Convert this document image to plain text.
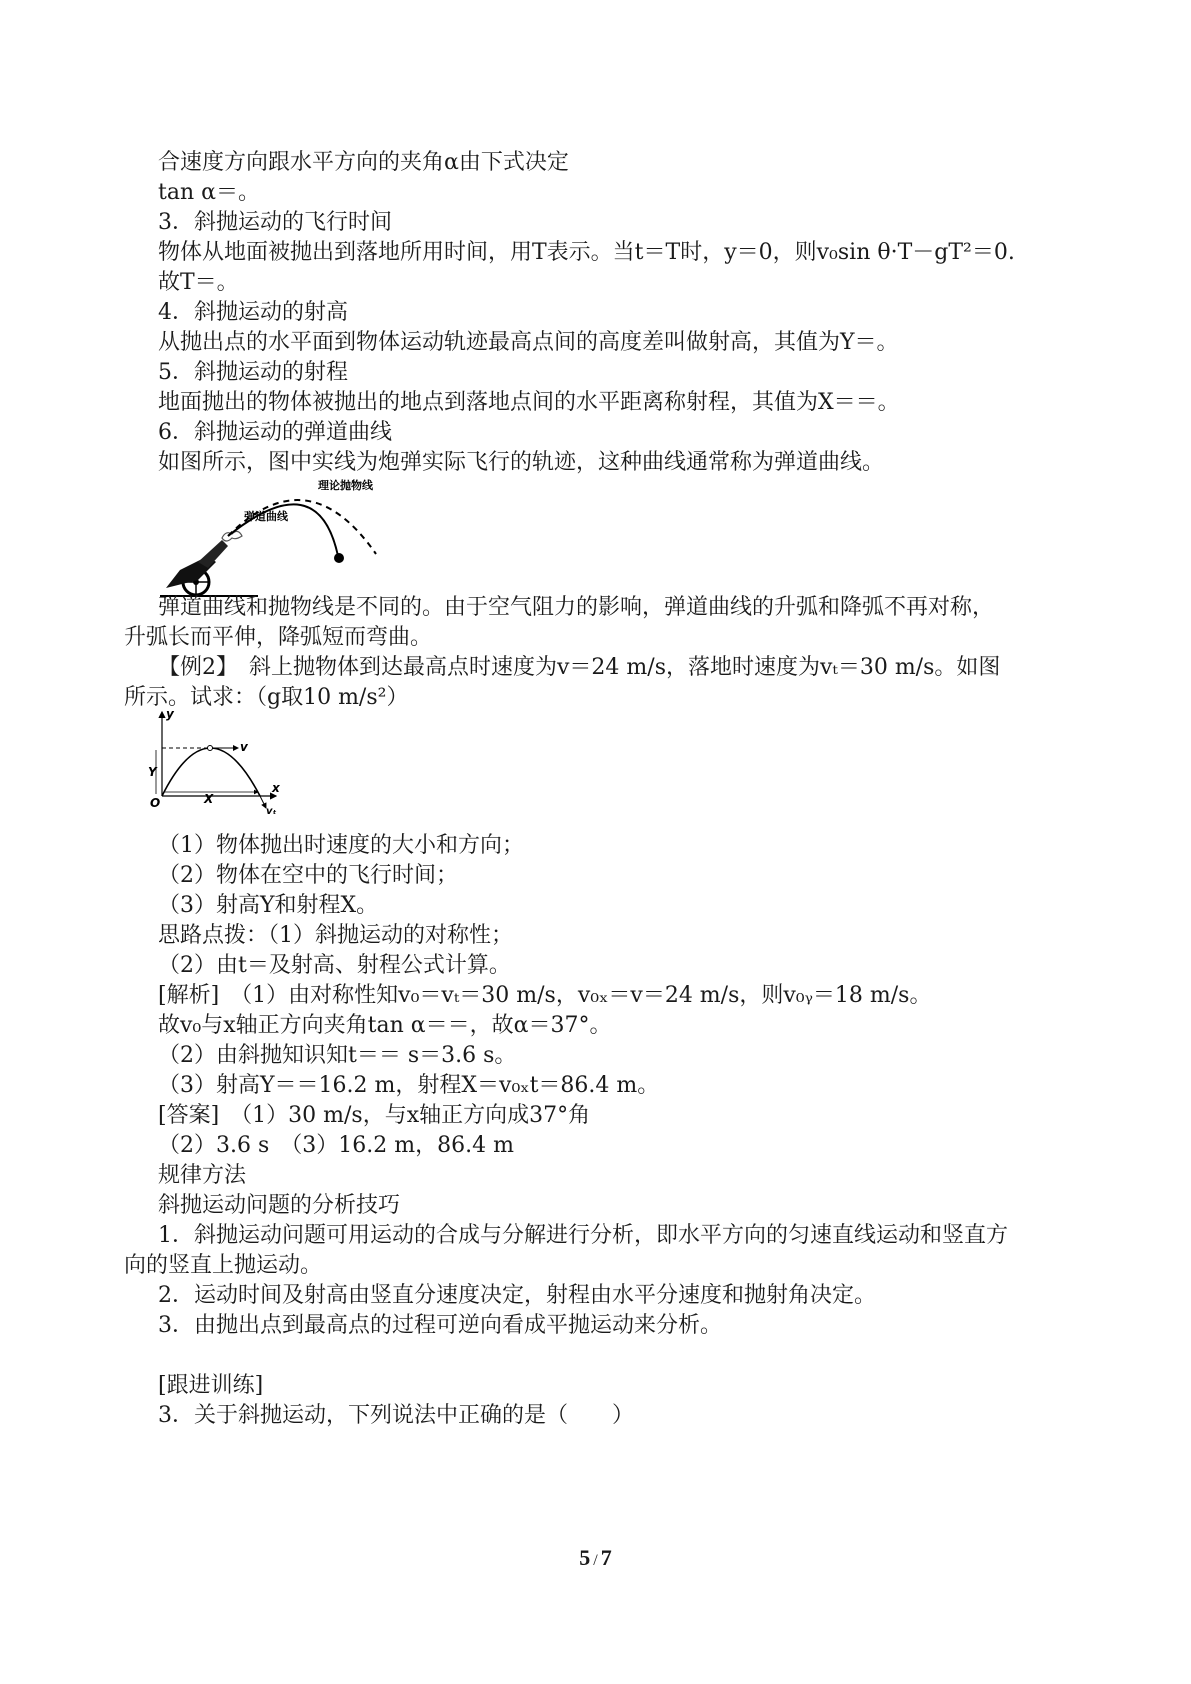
合速度方向跟水平方向的夹角α由下式决定
tan α＝。
3．斜抛运动的飞行时间
物体从地面被抛出到落地所用时间，用T表示。当t＝T时，y＝0，则v₀sin θ·T－gT²＝0.
故T＝。
4．斜抛运动的射高
从抛出点的水平面到物体运动轨迹最高点间的高度差叫做射高，其值为Y＝。
5．斜抛运动的射程
地面抛出的物体被抛出的地点到落地点间的水平距离称射程，其值为X＝＝。
6．斜抛运动的弹道曲线
如图所示，图中实线为炮弹实际飞行的轨迹，这种曲线通常称为弹道曲线。
理论抛物线
弹道曲线
弹道曲线和抛物线是不同的。由于空气阻力的影响，弹道曲线的升弧和降弧不再对称，
升弧长而平伸，降弧短而弯曲。
【例2】　斜上抛物体到达最高点时速度为v＝24 m/s，落地时速度为vₜ＝30 m/s。如图
所示。试求：（g取10 m/s²）
y
x
v
Y
X
O
vₜ
（1）物体抛出时速度的大小和方向；
（2）物体在空中的飞行时间；
（3）射高Y和射程X。
思路点拨：（1）斜抛运动的对称性；
（2）由t＝及射高、射程公式计算。
[解析]　（1）由对称性知v₀＝vₜ＝30 m/s，v₀ₓ＝v＝24 m/s，则v₀ᵧ＝18 m/s。
故v₀与x轴正方向夹角tan α＝＝，故α＝37°。
（2）由斜抛知识知t＝＝ s＝3.6 s。
（3）射高Y＝＝16.2 m，射程X＝v₀ₓt＝86.4 m。
[答案]　（1）30 m/s，与x轴正方向成37°角
（2）3.6 s　（3）16.2 m，86.4 m
规律方法
斜抛运动问题的分析技巧
1．斜抛运动问题可用运动的合成与分解进行分析，即水平方向的匀速直线运动和竖直方
向的竖直上抛运动。
2．运动时间及射高由竖直分速度决定，射程由水平分速度和抛射角决定。
3．由抛出点到最高点的过程可逆向看成平抛运动来分析。
[跟进训练]
3．关于斜抛运动，下列说法中正确的是（　　）
5 / 7
